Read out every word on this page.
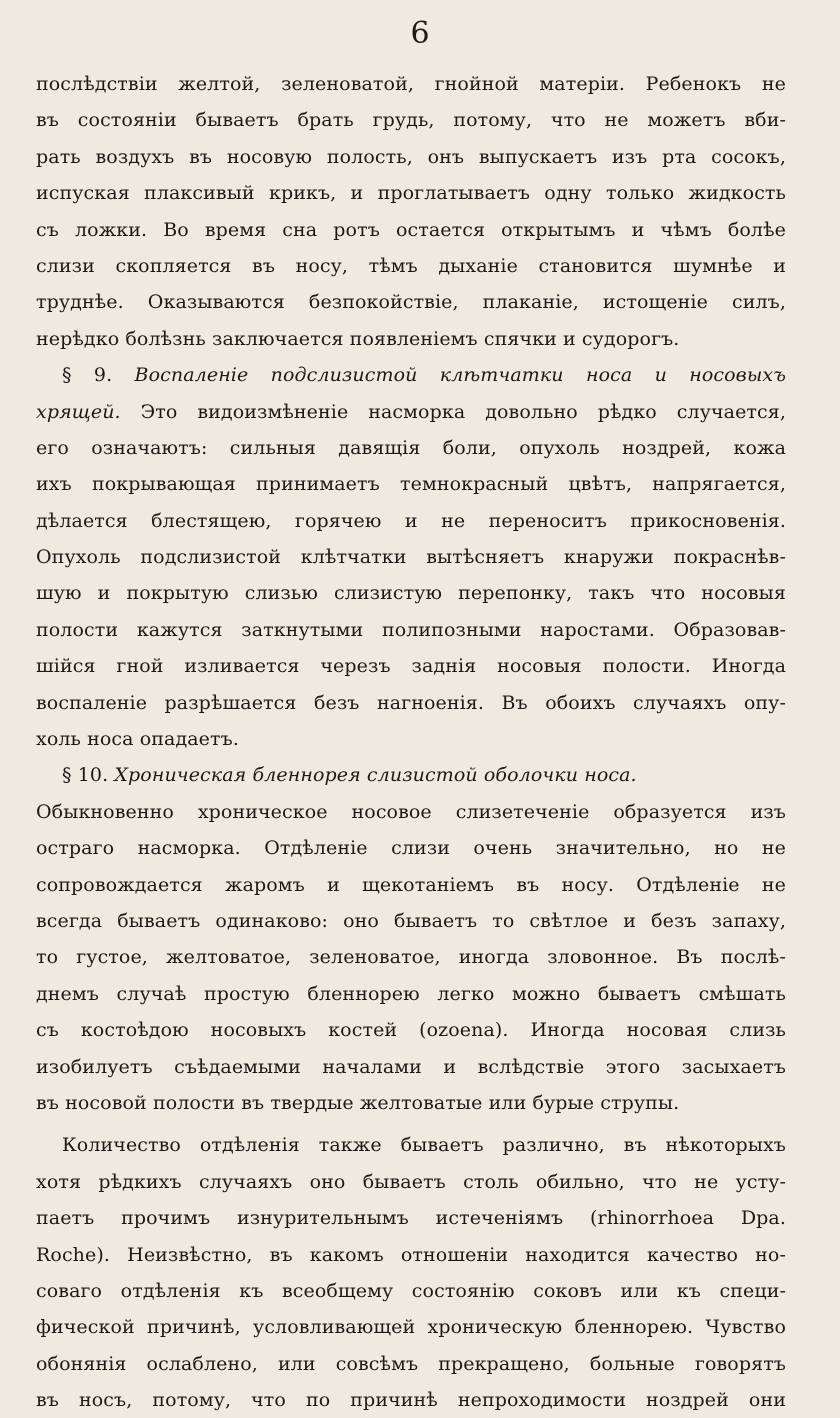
6
послѣдствіи желтой, зеленоватой, гнойной матеріи. Ребенокъ не
въ состояніи бываетъ брать грудь, потому, что не можетъ вби-
рать воздухъ въ носовую полость, онъ выпускаетъ изъ рта сосокъ,
испуская плаксивый крикъ, и проглатываетъ одну только жидкость
съ ложки. Во время сна ротъ остается открытымъ и чѣмъ болѣе
слизи скопляется въ носу, тѣмъ дыханіе становится шумнѣе и
труднѣе. Оказываются безпокойствіе, плаканіе, истощеніе силъ,
нерѣдко болѣзнь заключается появленіемъ спячки и судорогъ.
§ 9. Воспаленіе подслизистой клѣтчатки носа и носовыхъ
хрящей. Это видоизмѣненіе насморка довольно рѣдко случается,
его означаютъ: сильныя давящія боли, опухоль ноздрей, кожа
ихъ покрывающая принимаетъ темнокрасный цвѣтъ, напрягается,
дѣлается блестящею, горячею и не переноситъ прикосновенія.
Опухоль подслизистой клѣтчатки вытѣсняетъ кнаружи покраснѣв-
шую и покрытую слизью слизистую перепонку, такъ что носовыя
полости кажутся заткнутыми полипозными наростами. Образовав-
шійся гной изливается черезъ заднія носовыя полости. Иногда
воспаленіе разрѣшается безъ нагноенія. Въ обоихъ случаяхъ опу-
холь носа опадаетъ.
§ 10. Хроническая бленнорея слизистой оболочки носа.
Обыкновенно хроническое носовое слизетеченіе образуется изъ
остраго насморка. Отдѣленіе слизи очень значительно, но не
сопровождается жаромъ и щекотаніемъ въ носу. Отдѣленіе не
всегда бываетъ одинаково: оно бываетъ то свѣтлое и безъ запаху,
то густое, желтоватое, зеленоватое, иногда зловонное. Въ послѣ-
днемъ случаѣ простую бленнорею легко можно бываетъ смѣшать
съ костоѣдою носовыхъ костей (ozoena). Иногда носовая слизь
изобилуетъ съѣдаемыми началами и вслѣдствіе этого засыхаетъ
въ носовой полости въ твердые желтоватые или бурые струпы.
Количество отдѣленія также бываетъ различно, въ нѣкоторыхъ
хотя рѣдкихъ случаяхъ оно бываетъ столь обильно, что не усту-
паетъ прочимъ изнурительнымъ истеченіямъ (rhinorrhoea Dpa.
Roche). Неизвѣстно, въ какомъ отношеніи находится качество но-
соваго отдѣленія къ всеобщему состоянію соковъ или къ специ-
фической причинѣ, условливающей хроническую бленнорею. Чувство
обонянія ослаблено, или совсѣмъ прекращено, больные говорятъ
въ носъ, потому, что по причинѣ непроходимости ноздрей они
